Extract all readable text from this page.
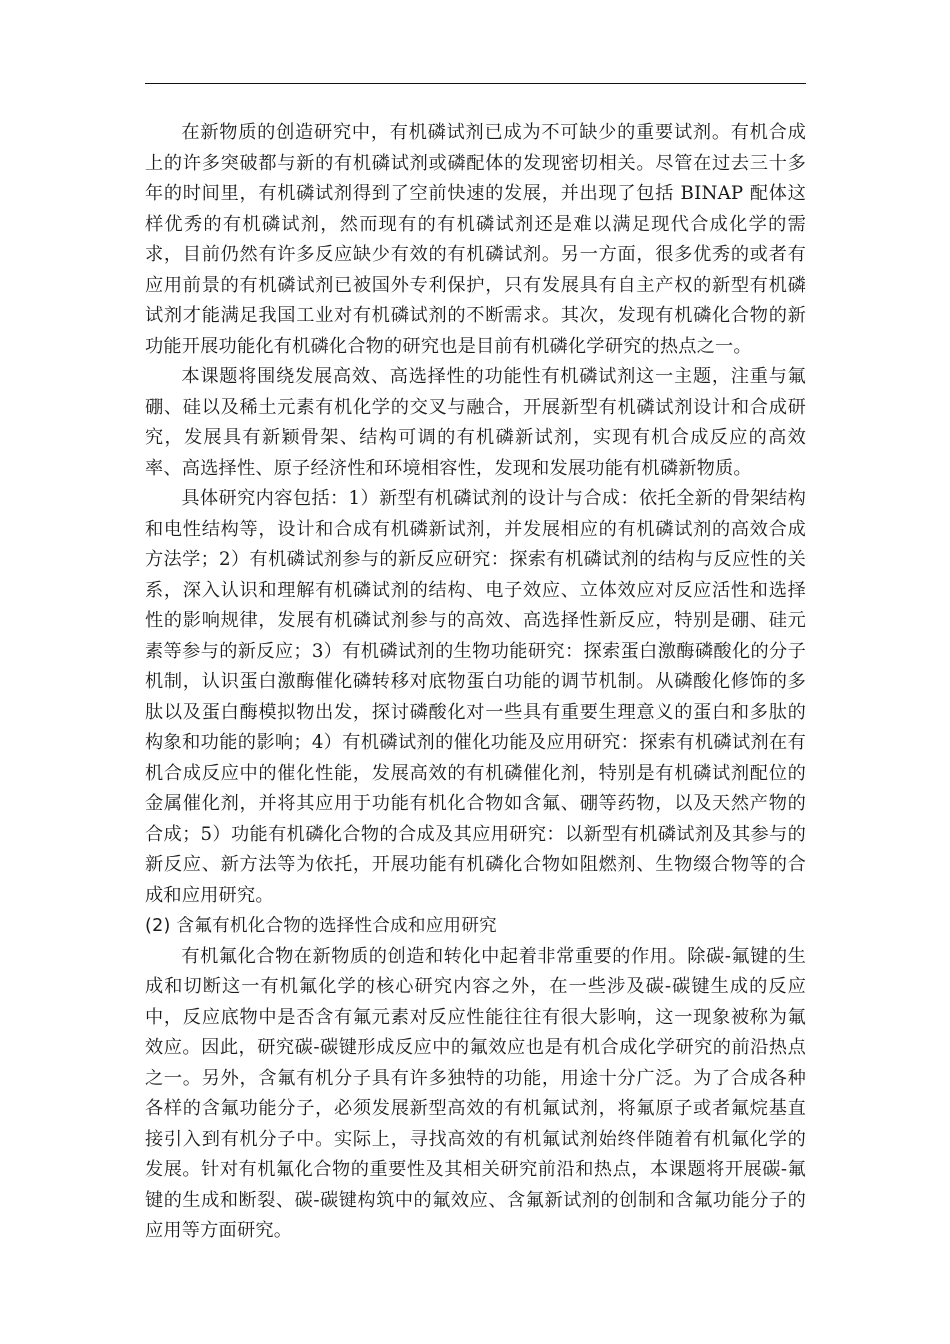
在新物质的创造研究中，有机磷试剂已成为不可缺少的重要试剂。有机合成上的许多突破都与新的有机磷试剂或磷配体的发现密切相关。尽管在过去三十多年的时间里，有机磷试剂得到了空前快速的发展，并出现了包括 BINAP 配体这样优秀的有机磷试剂，然而现有的有机磷试剂还是难以满足现代合成化学的需求，目前仍然有许多反应缺少有效的有机磷试剂。另一方面，很多优秀的或者有应用前景的有机磷试剂已被国外专利保护，只有发展具有自主产权的新型有机磷试剂才能满足我国工业对有机磷试剂的不断需求。其次，发现有机磷化合物的新功能开展功能化有机磷化合物的研究也是目前有机磷化学研究的热点之一。

本课题将围绕发展高效、高选择性的功能性有机磷试剂这一主题，注重与氟硼、硅以及稀土元素有机化学的交叉与融合，开展新型有机磷试剂设计和合成研究，发展具有新颖骨架、结构可调的有机磷新试剂，实现有机合成反应的高效率、高选择性、原子经济性和环境相容性，发现和发展功能有机磷新物质。

具体研究内容包括：1）新型有机磷试剂的设计与合成：依托全新的骨架结构和电性结构等，设计和合成有机磷新试剂，并发展相应的有机磷试剂的高效合成方法学；2）有机磷试剂参与的新反应研究：探索有机磷试剂的结构与反应性的关系，深入认识和理解有机磷试剂的结构、电子效应、立体效应对反应活性和选择性的影响规律，发展有机磷试剂参与的高效、高选择性新反应，特别是硼、硅元素等参与的新反应；3）有机磷试剂的生物功能研究：探索蛋白激酶磷酸化的分子机制，认识蛋白激酶催化磷转移对底物蛋白功能的调节机制。从磷酸化修饰的多肽以及蛋白酶模拟物出发，探讨磷酸化对一些具有重要生理意义的蛋白和多肽的构象和功能的影响；4）有机磷试剂的催化功能及应用研究：探索有机磷试剂在有机合成反应中的催化性能，发展高效的有机磷催化剂，特别是有机磷试剂配位的金属催化剂，并将其应用于功能有机化合物如含氟、硼等药物，以及天然产物的合成；5）功能有机磷化合物的合成及其应用研究：以新型有机磷试剂及其参与的新反应、新方法等为依托，开展功能有机磷化合物如阻燃剂、生物缀合物等的合成和应用研究。

(2) 含氟有机化合物的选择性合成和应用研究

有机氟化合物在新物质的创造和转化中起着非常重要的作用。除碳-氟键的生成和切断这一有机氟化学的核心研究内容之外，在一些涉及碳-碳键生成的反应中，反应底物中是否含有氟元素对反应性能往往有很大影响，这一现象被称为氟效应。因此，研究碳-碳键形成反应中的氟效应也是有机合成化学研究的前沿热点之一。另外，含氟有机分子具有许多独特的功能，用途十分广泛。为了合成各种各样的含氟功能分子，必须发展新型高效的有机氟试剂，将氟原子或者氟烷基直接引入到有机分子中。实际上，寻找高效的有机氟试剂始终伴随着有机氟化学的发展。针对有机氟化合物的重要性及其相关研究前沿和热点，本课题将开展碳-氟键的生成和断裂、碳-碳键构筑中的氟效应、含氟新试剂的创制和含氟功能分子的应用等方面研究。
